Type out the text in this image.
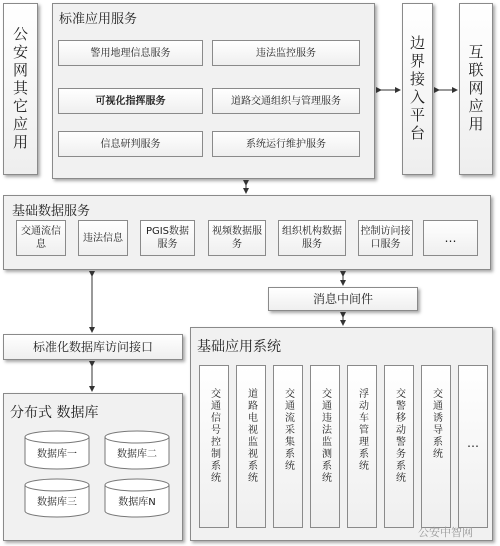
公安网其它应用
标准应用服务
警用地理信息服务	违法监控服务
可视化指挥服务	道路交通组织与管理服务
信息研判服务	系统运行维护服务
边界接入平台	互联网应用
基础数据服务
交通流信息
违法信息
PGIS数据服务
视频数据服务
组织机构数据服务
控制访问接口服务	…
消息中间件
标准化数据库访问接口
分布式 数据库
数据库一	数据库二
数据库三	数据库N
基础应用系统
交通信号控制系统	道路电视监视系统	交通流采集系统	交通违法监测系统	浮动车管理系统	交警移动警务系统	交通诱导系统 …
公安中智网
